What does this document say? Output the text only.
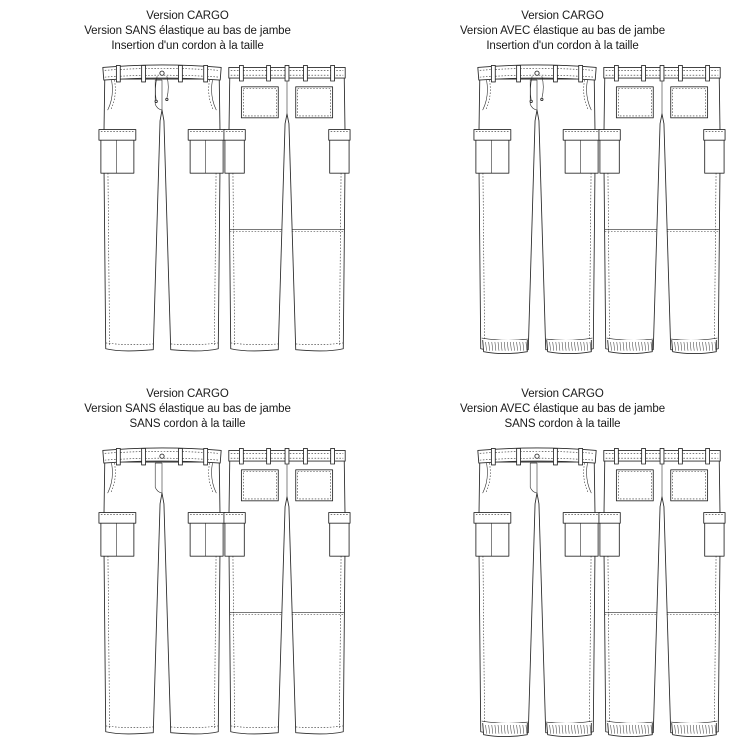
Version CARGO
Version SANS élastique au bas de jambe
Insertion d'un cordon à la taille
Version CARGO
Version AVEC élastique au bas de jambe
Insertion d'un cordon à la taille
Version CARGO
Version SANS élastique au bas de jambe
SANS cordon à la taille
Version CARGO
Version AVEC élastique au bas de jambe
SANS cordon à la taille
